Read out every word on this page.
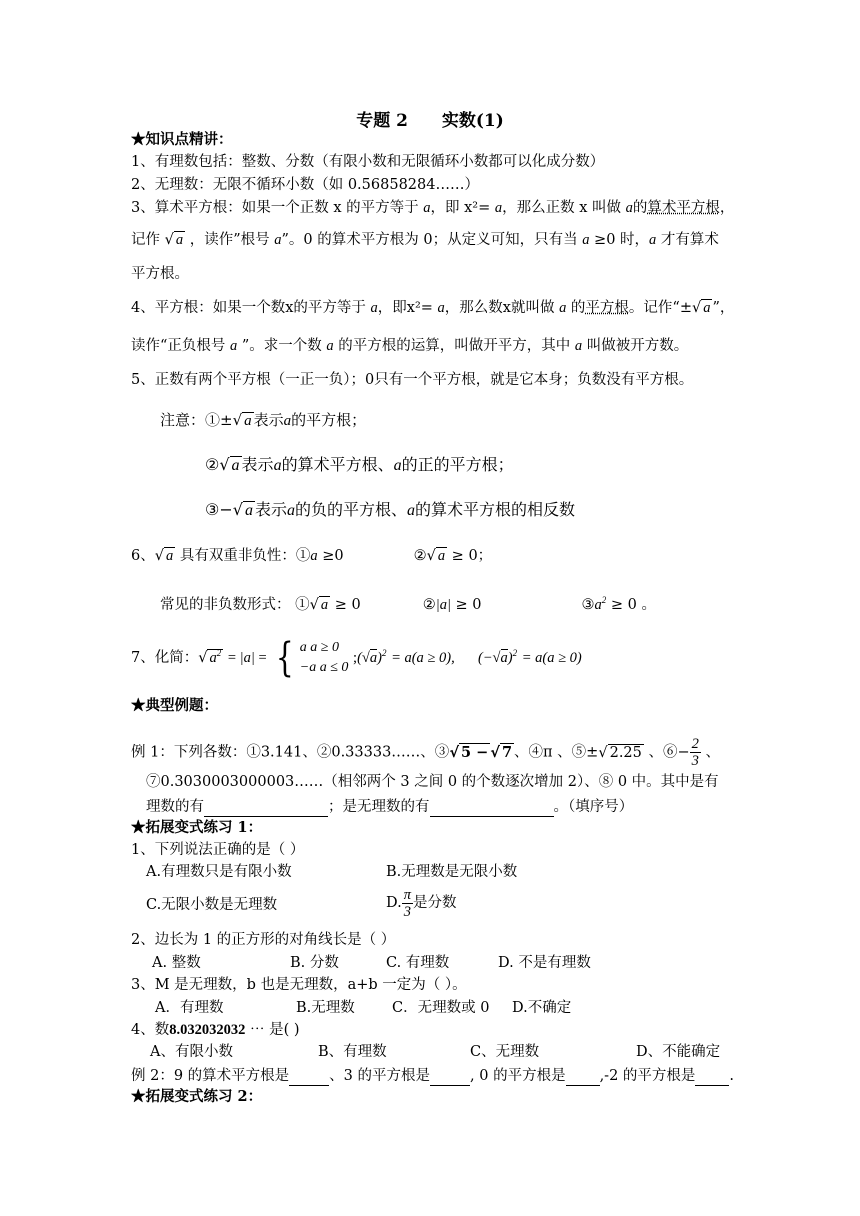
专题 2 实数(1)
★知识点精讲：
1、有理数包括：整数、分数（有限小数和无限循环小数都可以化成分数）
2、无理数：无限不循环小数（如 0.56858284……）
3、算术平方根：如果一个正数 x 的平方等于 a，即 x²= a，那么正数 x 叫做 a的算术平方根，
记作 √ a ，读作”根号 a”。0 的算术平方根为 0；从定义可知，只有当 a ≥0 时，a 才有算术
平方根。
4、平方根：如果一个数x的平方等于 a，即x²= a，那么数x就叫做 a 的平方根。记作“±√ a ”，
读作“正负根号 a ”。求一个数 a 的平方根的运算，叫做开平方，其中 a 叫做被开方数。
5、正数有两个平方根（一正一负）；0只有一个平方根，就是它本身；负数没有平方根。
注意：①±√ a 表示a的平方根；
②√ a 表示a的算术平方根、a的正的平方根；
③−√ a 表示a的负的平方根、a的算术平方根的相反数
6、√ a 具有双重非负性：①a ≥0	②√ a ≥ 0；
常见的非负数形式： ①√ a ≥ 0	②|a| ≥ 0	$③a^2 \ge 0$ 。
7、化简：√ $a^2 = |a|$ = { a a ≥ 0
−a a ≤ 0
$;(√a)^2 = a(a \ge 0)$, $(-√a)^2 = a(a \ge 0)$
★典型例题：
例 1：下列各数：①3.141、②0.33333……、③√ 5 −√ 7 、④π 、⑤±√ 2.25 、⑥− $\frac{2}{3}$ 、
⑦0.3030003000003……（相邻两个 3 之间 0 的个数逐次增加 2）、⑧ 0 中。其中是有
理数的有	；是无理数的有	。（填序号）
★拓展变式练习 1：
1、下列说法正确的是（ ）
A.有理数只是有限小数	B.无理数是无限小数
C.无限小数是无理数	D. $\frac{\pi}{3}$ 是分数
2、边长为 1 的正方形的对角线长是（ ）
A. 整数	B. 分数	C. 有理数	D. 不是有理数
3、M 是无理数，b 也是无理数，a+b 一定为（ ）。
A．有理数	B.无理数	C．无理数或 0 D.不确定
4、数8.032032032 ⋯ 是( )
A、有限小数	B、有理数	C、无理数	D、不能确定
例 2：9 的算术平方根是	、3 的平方根是	, 0 的平方根是 ,-2 的平方根是 .
★拓展变式练习 2：
